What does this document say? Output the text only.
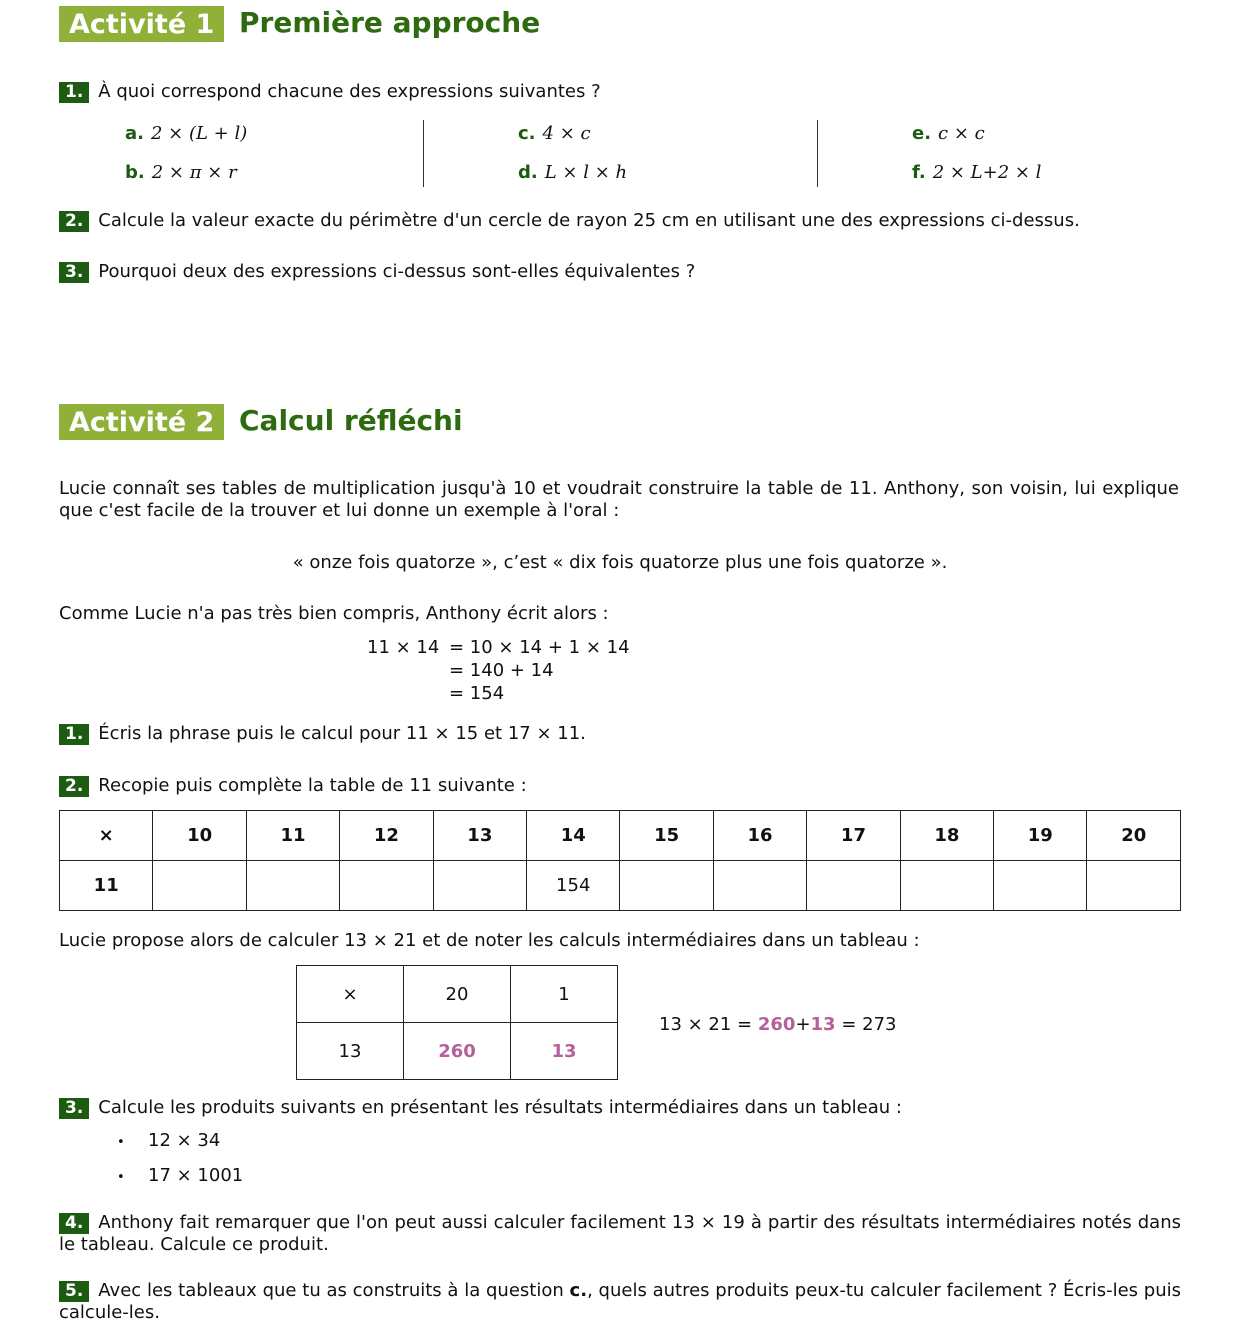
Activité 1 Première approche
1. À quoi correspond chacune des expressions suivantes ?
a. 2 × (L + l)
b. 2 × π × r
c. 4 × c
d. L × l × h
e. c × c
f. 2 × L+2 × l
2. Calcule la valeur exacte du périmètre d'un cercle de rayon 25 cm en utilisant une des expressions ci-dessus.
3. Pourquoi deux des expressions ci-dessus sont-elles équivalentes ?
Activité 2 Calcul réfléchi
Lucie connaît ses tables de multiplication jusqu'à 10 et voudrait construire la table de 11. Anthony, son voisin, lui explique que c'est facile de la trouver et lui donne un exemple à l'oral :
« onze fois quatorze », c’est « dix fois quatorze plus une fois quatorze ».
Comme Lucie n'a pas très bien compris, Anthony écrit alors :
11 × 14 = 10 × 14 + 1 × 14
= 140 + 14
= 154
1. Écris la phrase puis le calcul pour 11 × 15 et 17 × 11.
2. Recopie puis complète la table de 11 suivante :
×	10	11	12	13	14	15	16	17	18	19	20
11					154						
Lucie propose alors de calculer 13 × 21 et de noter les calculs intermédiaires dans un tableau :
×	20	1
13	260	13
13 × 21 = 260+13 = 273
3. Calcule les produits suivants en présentant les résultats intermédiaires dans un tableau :
• 12 × 34
• 17 × 1001
4. Anthony fait remarquer que l'on peut aussi calculer facilement 13 × 19 à partir des résultats intermédiaires notés dans le tableau. Calcule ce produit.
5. Avec les tableaux que tu as construits à la question c., quels autres produits peux-tu calculer facilement ? Écris-les puis calcule-les.
